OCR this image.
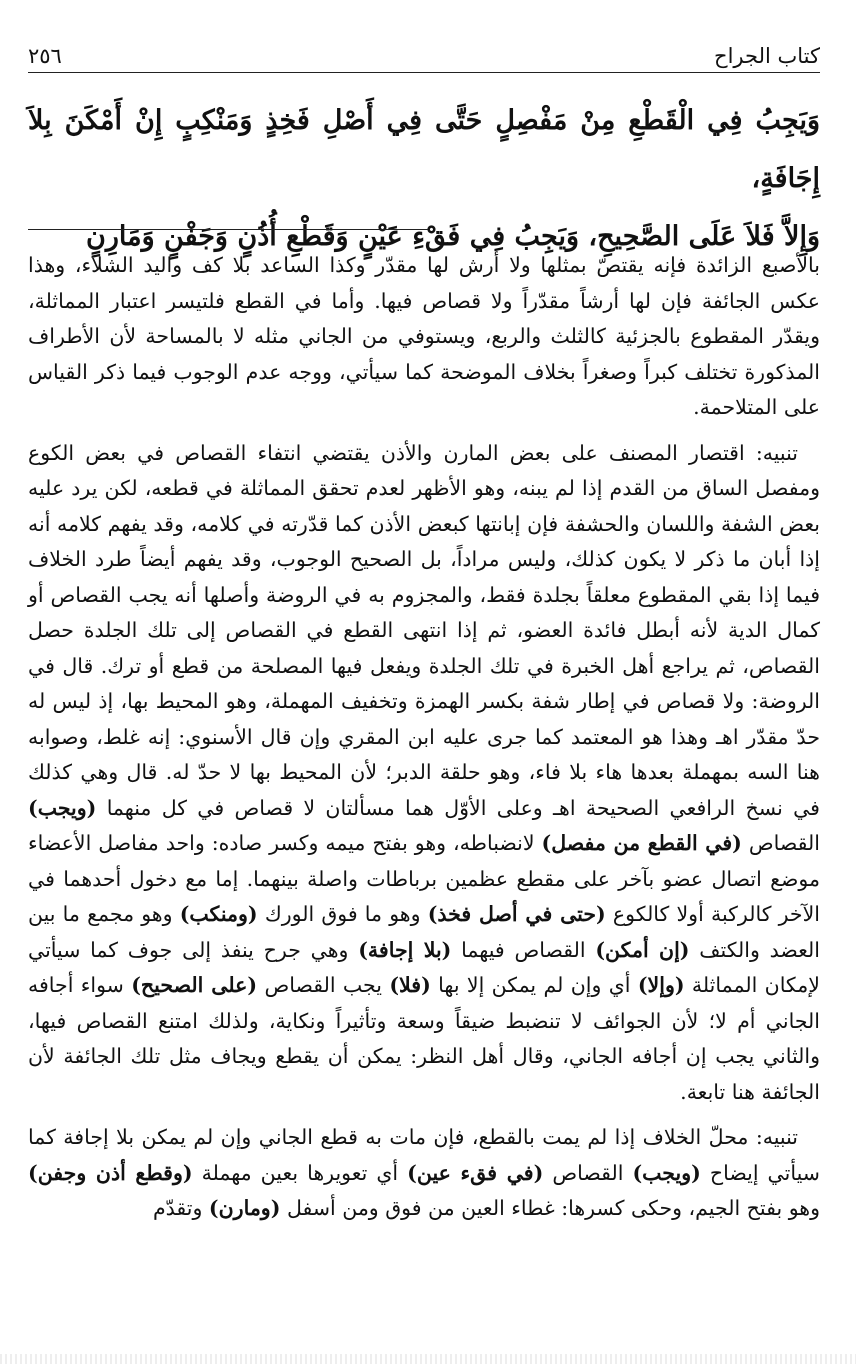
كتاب الجراح
٢٥٦

وَيَجِبُ فِي الْقَطْعِ مِنْ مَفْصِلٍ حَتَّى فِي أَصْلِ فَخِذٍ وَمَنْكِبٍ إِنْ أَمْكَنَ بِلاَ إِجَافَةٍ،

وَإِلاَّ فَلاَ عَلَى الصَّحِيحِ، وَيَجِبُ فِي فَقْءِ عَيْنٍ وَقَطْعِ أُذُنٍ وَجَفْنٍ وَمَارِنٍ

بالأصبع الزائدة فإنه يقتصّ بمثلها ولا أرش لها مقدّر وكذا الساعد بلا كف واليد الشلاء، وهذا عكس الجائفة فإن لها أرشاً مقدّراً ولا قصاص فيها. وأما في القطع فلتيسر اعتبار المماثلة، ويقدّر المقطوع بالجزئية كالثلث والربع، ويستوفي من الجاني مثله لا بالمساحة لأن الأطراف المذكورة تختلف كبراً وصغراً بخلاف الموضحة كما سيأتي، ووجه عدم الوجوب فيما ذكر القياس على المتلاحمة.

تنبيه: اقتصار المصنف على بعض المارن والأذن يقتضي انتفاء القصاص في بعض الكوع ومفصل الساق من القدم إذا لم يبنه، وهو الأظهر لعدم تحقق المماثلة في قطعه، لكن يرد عليه بعض الشفة واللسان والحشفة فإن إبانتها كبعض الأذن كما قدّرته في كلامه، وقد يفهم كلامه أنه إذا أبان ما ذكر لا يكون كذلك، وليس مراداً، بل الصحيح الوجوب، وقد يفهم أيضاً طرد الخلاف فيما إذا بقي المقطوع معلقاً بجلدة فقط، والمجزوم به في الروضة وأصلها أنه يجب القصاص أو كمال الدية لأنه أبطل فائدة العضو، ثم إذا انتهى القطع في القصاص إلى تلك الجلدة حصل القصاص، ثم يراجع أهل الخبرة في تلك الجلدة ويفعل فيها المصلحة من قطع أو ترك. قال في الروضة: ولا قصاص في إطار شفة بكسر الهمزة وتخفيف المهملة، وهو المحيط بها، إذ ليس له حدّ مقدّر اهـ وهذا هو المعتمد كما جرى عليه ابن المقري وإن قال الأسنوي: إنه غلط، وصوابه هنا السه بمهملة بعدها هاء بلا فاء، وهو حلقة الدبر؛ لأن المحيط بها لا حدّ له. قال وهي كذلك في نسخ الرافعي الصحيحة اهـ وعلى الأوّل هما مسألتان لا قصاص في كل منهما (ويجب) القصاص (في القطع من مفصل) لانضباطه، وهو بفتح ميمه وكسر صاده: واحد مفاصل الأعضاء موضع اتصال عضو بآخر على مقطع عظمين برباطات واصلة بينهما. إما مع دخول أحدهما في الآخر كالركبة أولا كالكوع (حتى في أصل فخذ) وهو ما فوق الورك (ومنكب) وهو مجمع ما بين العضد والكتف (إن أمكن) القصاص فيهما (بلا إجافة) وهي جرح ينفذ إلى جوف كما سيأتي لإمكان المماثلة (وإلا) أي وإن لم يمكن إلا بها (فلا) يجب القصاص (على الصحيح) سواء أجافه الجاني أم لا؛ لأن الجوائف لا تنضبط ضيقاً وسعة وتأثيراً ونكاية، ولذلك امتنع القصاص فيها، والثاني يجب إن أجافه الجاني، وقال أهل النظر: يمكن أن يقطع ويجاف مثل تلك الجائفة لأن الجائفة هنا تابعة.

تنبيه: محلّ الخلاف إذا لم يمت بالقطع، فإن مات به قطع الجاني وإن لم يمكن بلا إجافة كما سيأتي إيضاح (ويجب) القصاص (في فقء عين) أي تعويرها بعين مهملة (وقطع أذن وجفن) وهو بفتح الجيم، وحكى كسرها: غطاء العين من فوق ومن أسفل (ومارن) وتقدّم
